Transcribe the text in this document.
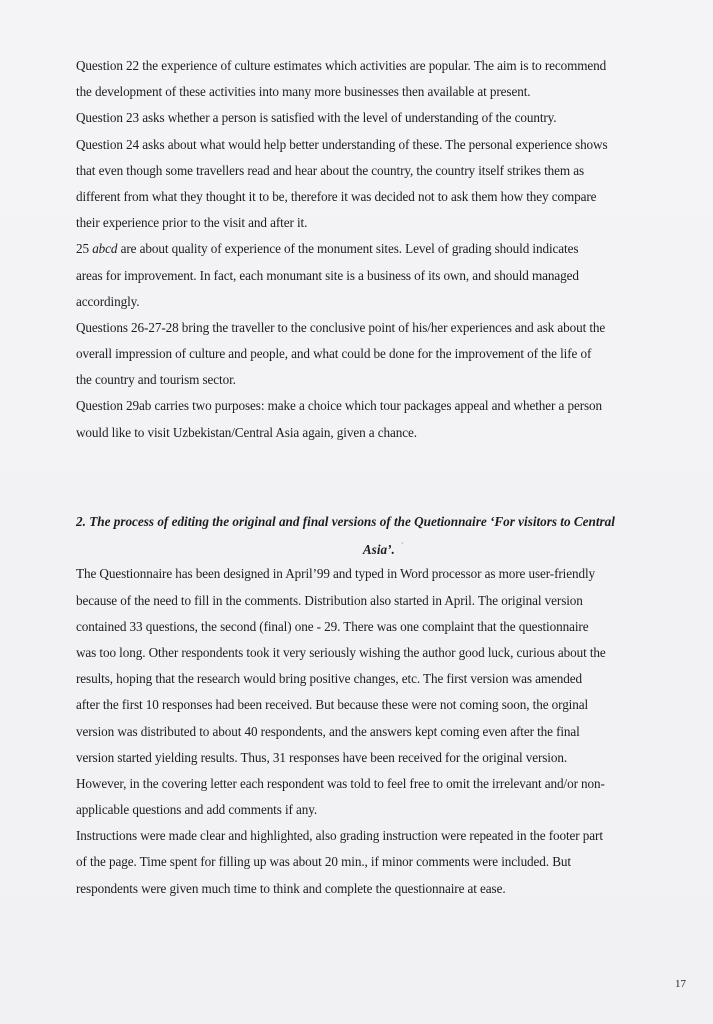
Question 22 the experience of culture estimates which activities are popular. The aim is to recommend
the development of these activities into many more businesses then available at present.
Question 23 asks whether a person is satisfied with the level of understanding of the country.
Question 24 asks about what would help better understanding of these. The personal experience shows
that even though some travellers read and hear about the country, the country itself strikes them as
different from what they thought it to be, therefore it was decided not to ask them how they compare
their experience prior to the visit and after it.
25 abcd are about quality of experience of the monument sites. Level of grading should indicates
areas for improvement. In fact, each monumant site is a business of its own, and should managed
accordingly.
Questions 26-27-28 bring the traveller to the conclusive point of his/her experiences and ask about the
overall impression of culture and people, and what could be done for the improvement of the life of
the country and tourism sector.
Question 29ab carries two purposes: make a choice which tour packages appeal and whether a person
would like to visit Uzbekistan/Central Asia again, given a chance.
2. The process of editing the original and final versions of the Quetionnaire ‘For visitors to Central
Asia’. $^ˊ$
The Questionnaire has been designed in April’99 and typed in Word processor as more user-friendly
because of the need to fill in the comments. Distribution also started in April. The original version
contained 33 questions, the second (final) one - 29. There was one complaint that the questionnaire
was too long. Other respondents took it very seriously wishing the author good luck, curious about the
results, hoping that the research would bring positive changes, etc. The first version was amended
after the first 10 responses had been received. But because these were not coming soon, the orginal
version was distributed to about 40 respondents, and the answers kept coming even after the final
version started yielding results. Thus, 31 responses have been received for the original version.
However, in the covering letter each respondent was told to feel free to omit the irrelevant and/or non-
applicable questions and add comments if any.
Instructions were made clear and highlighted, also grading instruction were repeated in the footer part
of the page. Time spent for filling up was about 20 min., if minor comments were included. But
respondents were given much time to think and complete the questionnaire at ease.
17
